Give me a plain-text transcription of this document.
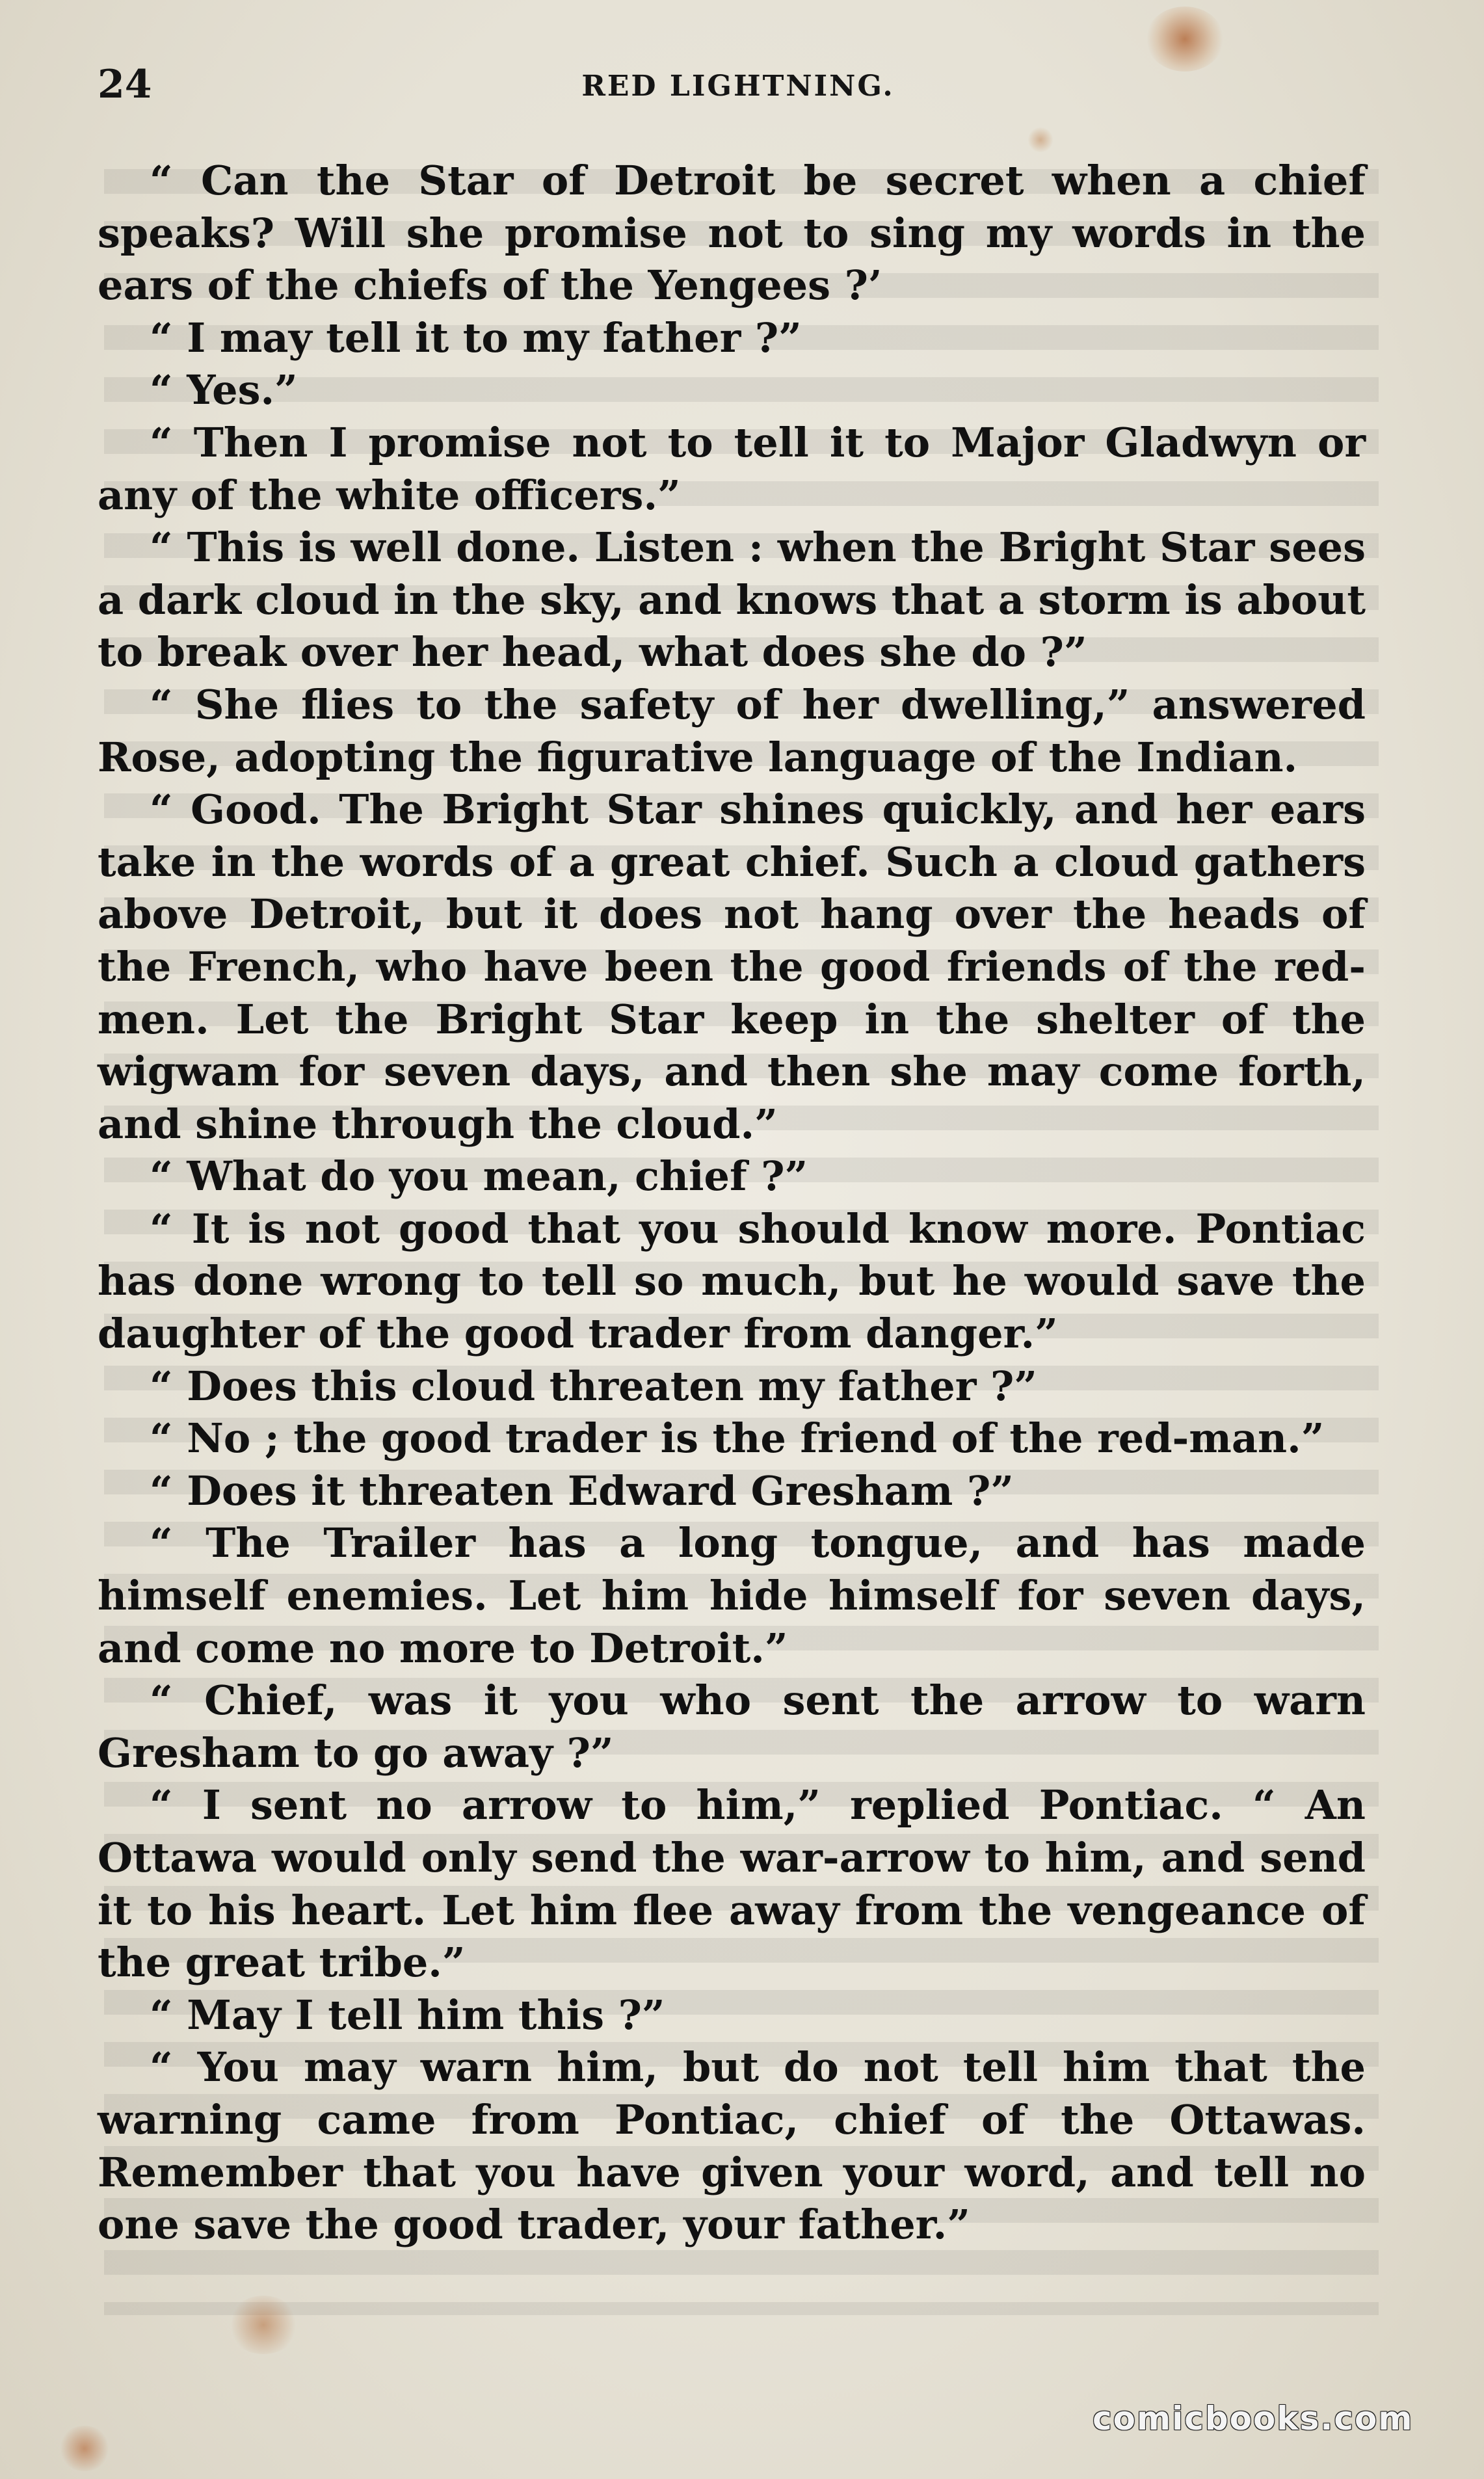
24	RED LIGHTNING.

“ Can the Star of Detroit be secret when a chief speaks? Will she promise not to sing my words in the ears of the chiefs of the Yengees ?’

“ I may tell it to my father ?”

“ Yes.”

“ Then I promise not to tell it to Major Gladwyn or any of the white officers.”

“ This is well done. Listen : when the Bright Star sees a dark cloud in the sky, and knows that a storm is about to break over her head, what does she do ?”

“ She flies to the safety of her dwelling,” answered Rose, adopting the figurative language of the Indian.

“ Good. The Bright Star shines quickly, and her ears take in the words of a great chief. Such a cloud gathers above Detroit, but it does not hang over the heads of the French, who have been the good friends of the red-men. Let the Bright Star keep in the shelter of the wigwam for seven days, and then she may come forth, and shine through the cloud.”

“ What do you mean, chief ?”

“ It is not good that you should know more. Pontiac has done wrong to tell so much, but he would save the daughter of the good trader from danger.”

“ Does this cloud threaten my father ?”

“ No ; the good trader is the friend of the red-man.”

“ Does it threaten Edward Gresham ?”

“ The Trailer has a long tongue, and has made himself enemies. Let him hide himself for seven days, and come no more to Detroit.”

“ Chief, was it you who sent the arrow to warn Gresham to go away ?”

“ I sent no arrow to him,” replied Pontiac. “ An Ottawa would only send the war-arrow to him, and send it to his heart. Let him flee away from the vengeance of the great tribe.”

“ May I tell him this ?”

“ You may warn him, but do not tell him that the warning came from Pontiac, chief of the Ottawas. Remember that you have given your word, and tell no one save the good trader, your father.”

comicbooks.com
